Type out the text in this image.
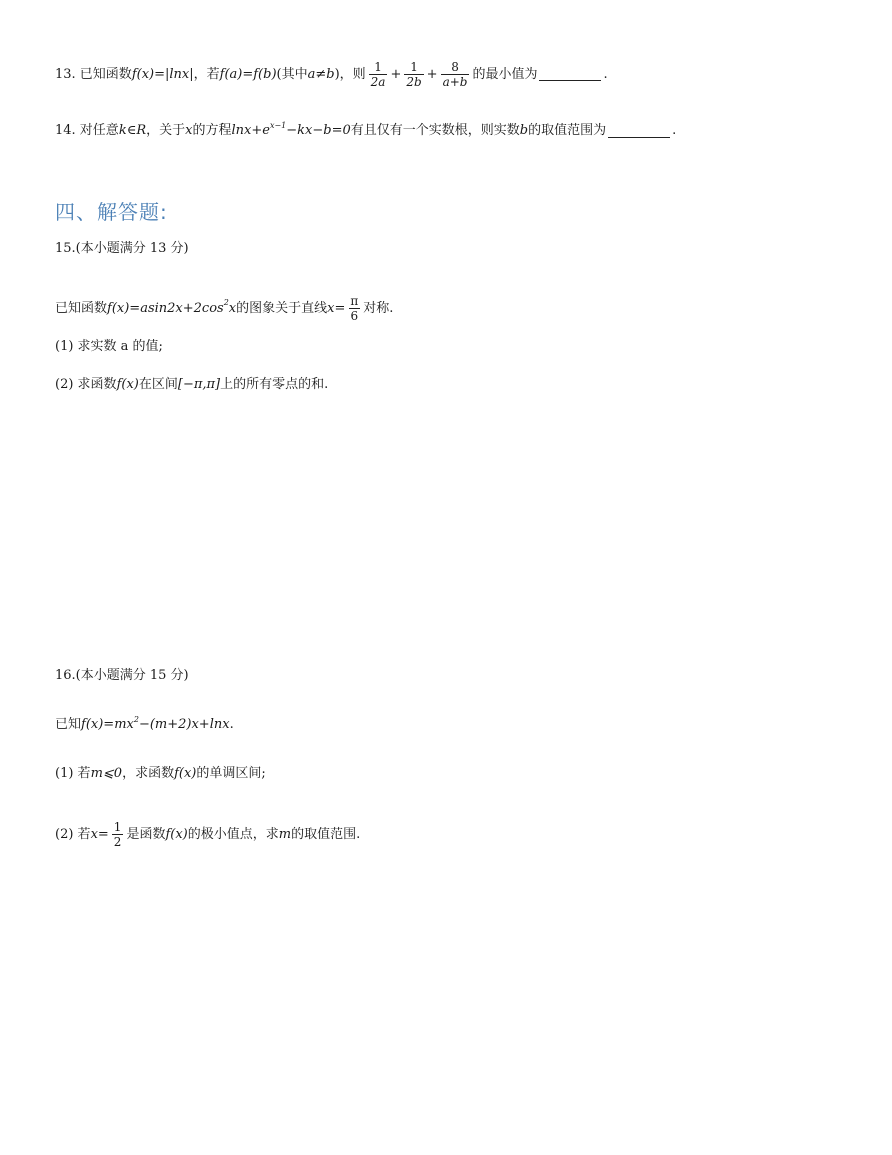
13. 已知函数 f(x)=|lnx| ，若 f(a)=f(b) (其中 a≠b )，则 $\frac{1}{2a} + \frac{1}{2b} + \frac{8}{a+b}$ 的最小值为	.
14. 对任意 k∈R ，关于 x 的方程 $\ln x+e^{x-1}-kx-b=0$ 有且仅有一个实数根，则实数 b 的取值范围为	.
四、解答题:
15.(本小题满分 13 分)
已知函数 $f(x)=asin2x+2\cos^2x$ 的图象关于直线 $x= \frac{\pi}{6}$ 对称.
(1) 求实数 a 的值;
(2) 求函数 f(x) 在区间 [−π,π] 上的所有零点的和.
16.(本小题满分 15 分)
已知 $f(x)=mx^2-(m+2)x+\ln x$ .
(1) 若 m⩽0 ，求函数 f(x) 的单调区间;
(2) 若 $x= \frac{1}{2}$ 是函数 f(x) 的极小值点，求 m 的取值范围.
